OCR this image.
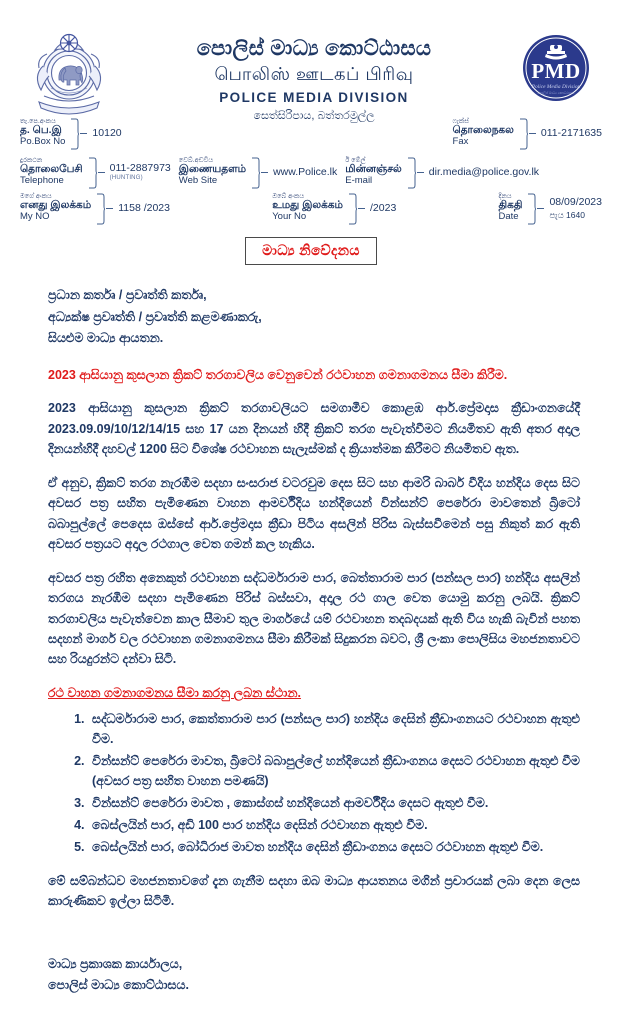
පොලිස් මාධ්‍ය කොට්ඨාසය
பொலிஸ் ஊடகப் பிரிவு
POLICE MEDIA DIVISION
සෙත්සිරිපාය, බත්තරමුල්ල
PMD
Police Media Division
පොලිස් මාධ්‍ය කොට්ඨාසය
තැ.පෙ.අංකය
த. பெ.இ
Po.Box No
10120
ෆැක්ස්
தொலைநகல
Fax
011-2171635
දුරකථන
தொலைபேசி
Telephone
011-2887973
(HUNTING)
වෙබ්.අඩවිය
இணையதளம்
Web Site
www.Police.lk
ඊ මේල්
மின்னஞ்சல்
E-mail
dir.media@police.gov.lk
මගේ අංකය
எனது இலக்கம்
My NO
1158 /2023
ඔබේ අංකය
உமது இலக்கம்
Your No
/2023
දිනය
திகதி
Date
08/09/2023
පැය 1640
මාධ්‍ය නිවේදනය
ප්‍රධාන කර්තෘ / ප්‍රවෘත්ති කර්තෘ,
අධ්‍යක්ෂ ප්‍රවෘත්ති / ප්‍රවෘත්ති කළමණාකරු,
සියළුම මාධ්‍ය ආයතන.
2023 ආසියානු කුසලාන ක්‍රිකට් තරගාවලිය වෙනුවෙන් රථවාහන ගමනාගමනය සීමා කිරීම.

2023 ආසියානු කුසලාන ක්‍රිකට් තරගාවලියට සමගාමීව කොළඹ ආර්.ප්‍රේමදාස ක්‍රීඩාංගනයේදී 2023.09.09/10/12/14/15 සහ 17 යන දිනයන් හිදී ක්‍රිකට් තරග පැවැත්වීමට නියමිතව ඇති අතර අදාල දිනයන්හිදී දහවල් 1200 සිට විශේෂ රථවාහන සැලැස්මක් ද ක්‍රියාත්මක කිරීමට නියමිතව ඇත.

ඒ අනුව, ක්‍රිකට් තරග නැරඹීම සදහා සංසරාජ වටරවුම දෙස සිට සහ ආමරි බාබර් වීදිය හන්දිය දෙස සිට අවසර පත්‍ර සහිත පැමිණෙන වාහන ආමර්වීදිය හන්දියෙන් වින්සන්ට් පෙරේරා මාවතෙන් බ්‍රිටෝ බබාපුල්ලේ පෙදෙස ඔස්සේ ආර්.ප්‍රේමදාස ක්‍රීඩා පිටිය අසලින් පිරිස බැස්සවීමෙන් පසු නිකුත් කර ඇති අවසර පත්‍රයට අදාල රථගාල වෙත ගමන් කල හැකිය.

අවසර පත්‍ර රහිත අනෙකුත් රථවාහන සද්ධර්මාරාම පාර, බෙත්තාරාම පාර (පන්සල පාර) හන්දිය අසලින් තරගය නැරඹීම සදහා පැමිණෙන පිරිස් බස්සවා, අදාල රථ ගාල වෙත යොමු කරනු ලබයි. ක්‍රිකට් තරගාවලිය පැවැත්වෙන කාල සීමාව තුල මාර්ගයේ යම් රථවාහන තදබදයක් ඇති විය හැකි බැවින් පහත සදහන් මාර්ග වල රථවාහන ගමනාගමනය සීමා කිරීමක් සිදුකරන බවට, ශ්‍රී ලංකා පොලිසිය මහජනතාවට සහ රියදුරන්ට දන්වා සිටි.

රථ වාහන ගමනාගමනය සීමා කරනු ලබන ස්ථාන.
1. සද්ධර්මාරාම පාර, කෙත්තාරාම පාර (පන්සල පාර) හන්දිය දෙසින් ක්‍රීඩාංගනයට රථවාහන ඇතුළු වීම.
2. වින්සන්ට් පෙරේරා මාවත, බ්‍රිටෝ බබාපුල්ලේ හන්දියෙන් ක්‍රීඩාංගනය දෙසට රථවාහන ඇතුළු වීම (අවසර පත්‍ර සහිත වාහන පමණයි)
3. වින්සන්ට් පෙරේරා මාවත , කොස්ගස් හන්දියෙන් ආමර්වීදිය දෙසට ඇතුළු වීම.
4. බෙස්ලයින් පාර, අඩි 100 පාර හන්දිය දෙසින් රථවාහන ඇතුළු වීම.
5. බෙස්ලයින් පාර, බෝධිරාජ මාවත හන්දිය දෙසින් ක්‍රීඩාංගනය දෙසට රථවාහන ඇතුළු වීම.

මේ සම්බන්ධව මහජනතාවගේ දැන ගැනීම සදහා ඔබ මාධ්‍ය ආයතනය මගින් ප්‍රචාරයක් ලබා දෙන ලෙස කාරුණිකව ඉල්ලා සිටිමි.

මාධ්‍ය ප්‍රකාශක කාර්යාලය,
පොලිස් මාධ්‍ය කොට්ඨාසය.
